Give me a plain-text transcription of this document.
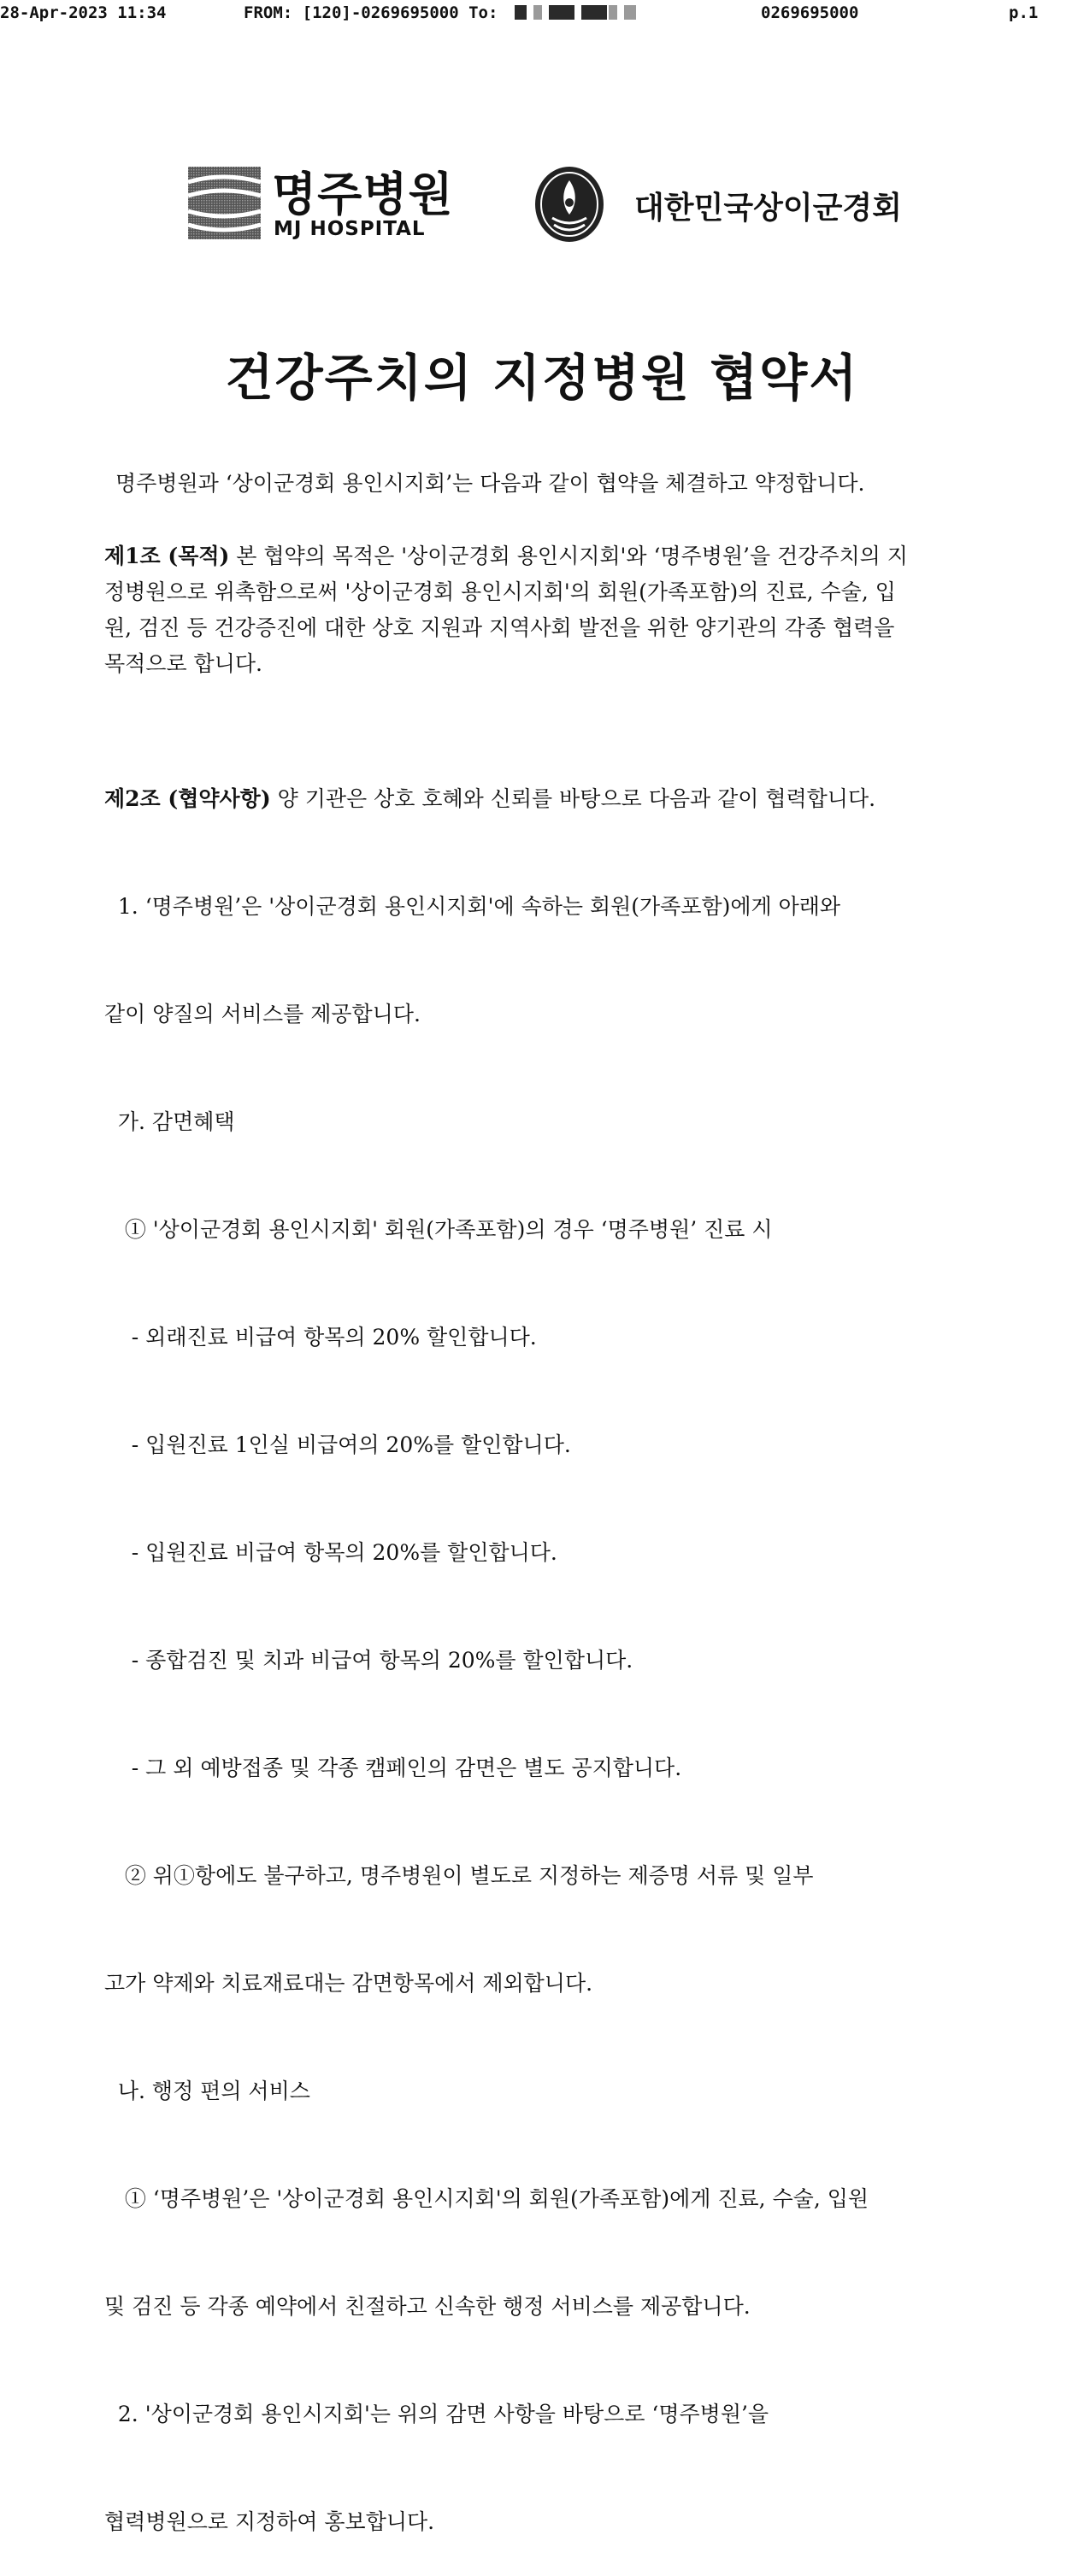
28-Apr-2023 11:34	FROM: [120]-0269695000 To:	0269695000	p.1
명주병원
MJ HOSPITAL
대한민국상이군경회
건강주치의 지정병원 협약서

명주병원과 ‘상이군경회 용인시지회’는 다음과 같이 협약을 체결하고 약정합니다.

제1조 (목적) 본 협약의 목적은 '상이군경회 용인시지회'와 ‘명주병원’을 건강주치의 지

정병원으로 위촉함으로써 '상이군경회 용인시지회'의 회원(가족포함)의 진료, 수술, 입

원, 검진 등 건강증진에 대한 상호 지원과 지역사회 발전을 위한 양기관의 각종 협력을

목적으로 합니다.

제2조 (협약사항) 양 기관은 상호 호혜와 신뢰를 바탕으로 다음과 같이 협력합니다.

1. ‘명주병원’은 '상이군경회 용인시지회'에 속하는 회원(가족포함)에게 아래와

같이 양질의 서비스를 제공합니다.

가. 감면혜택

① '상이군경회 용인시지회' 회원(가족포함)의 경우 ‘명주병원’ 진료 시

- 외래진료 비급여 항목의 20% 할인합니다.

- 입원진료 1인실 비급여의 20%를 할인합니다.

- 입원진료 비급여 항목의 20%를 할인합니다.

- 종합검진 및 치과 비급여 항목의 20%를 할인합니다.

- 그 외 예방접종 및 각종 캠페인의 감면은 별도 공지합니다.

② 위①항에도 불구하고, 명주병원이 별도로 지정하는 제증명 서류 및 일부

고가 약제와 치료재료대는 감면항목에서 제외합니다.

나. 행정 편의 서비스

① ‘명주병원’은 '상이군경회 용인시지회'의 회원(가족포함)에게 진료, 수술, 입원

및 검진 등 각종 예약에서 친절하고 신속한 행정 서비스를 제공합니다.

2. '상이군경회 용인시지회'는 위의 감면 사항을 바탕으로 ‘명주병원’을

협력병원으로 지정하여 홍보합니다.
